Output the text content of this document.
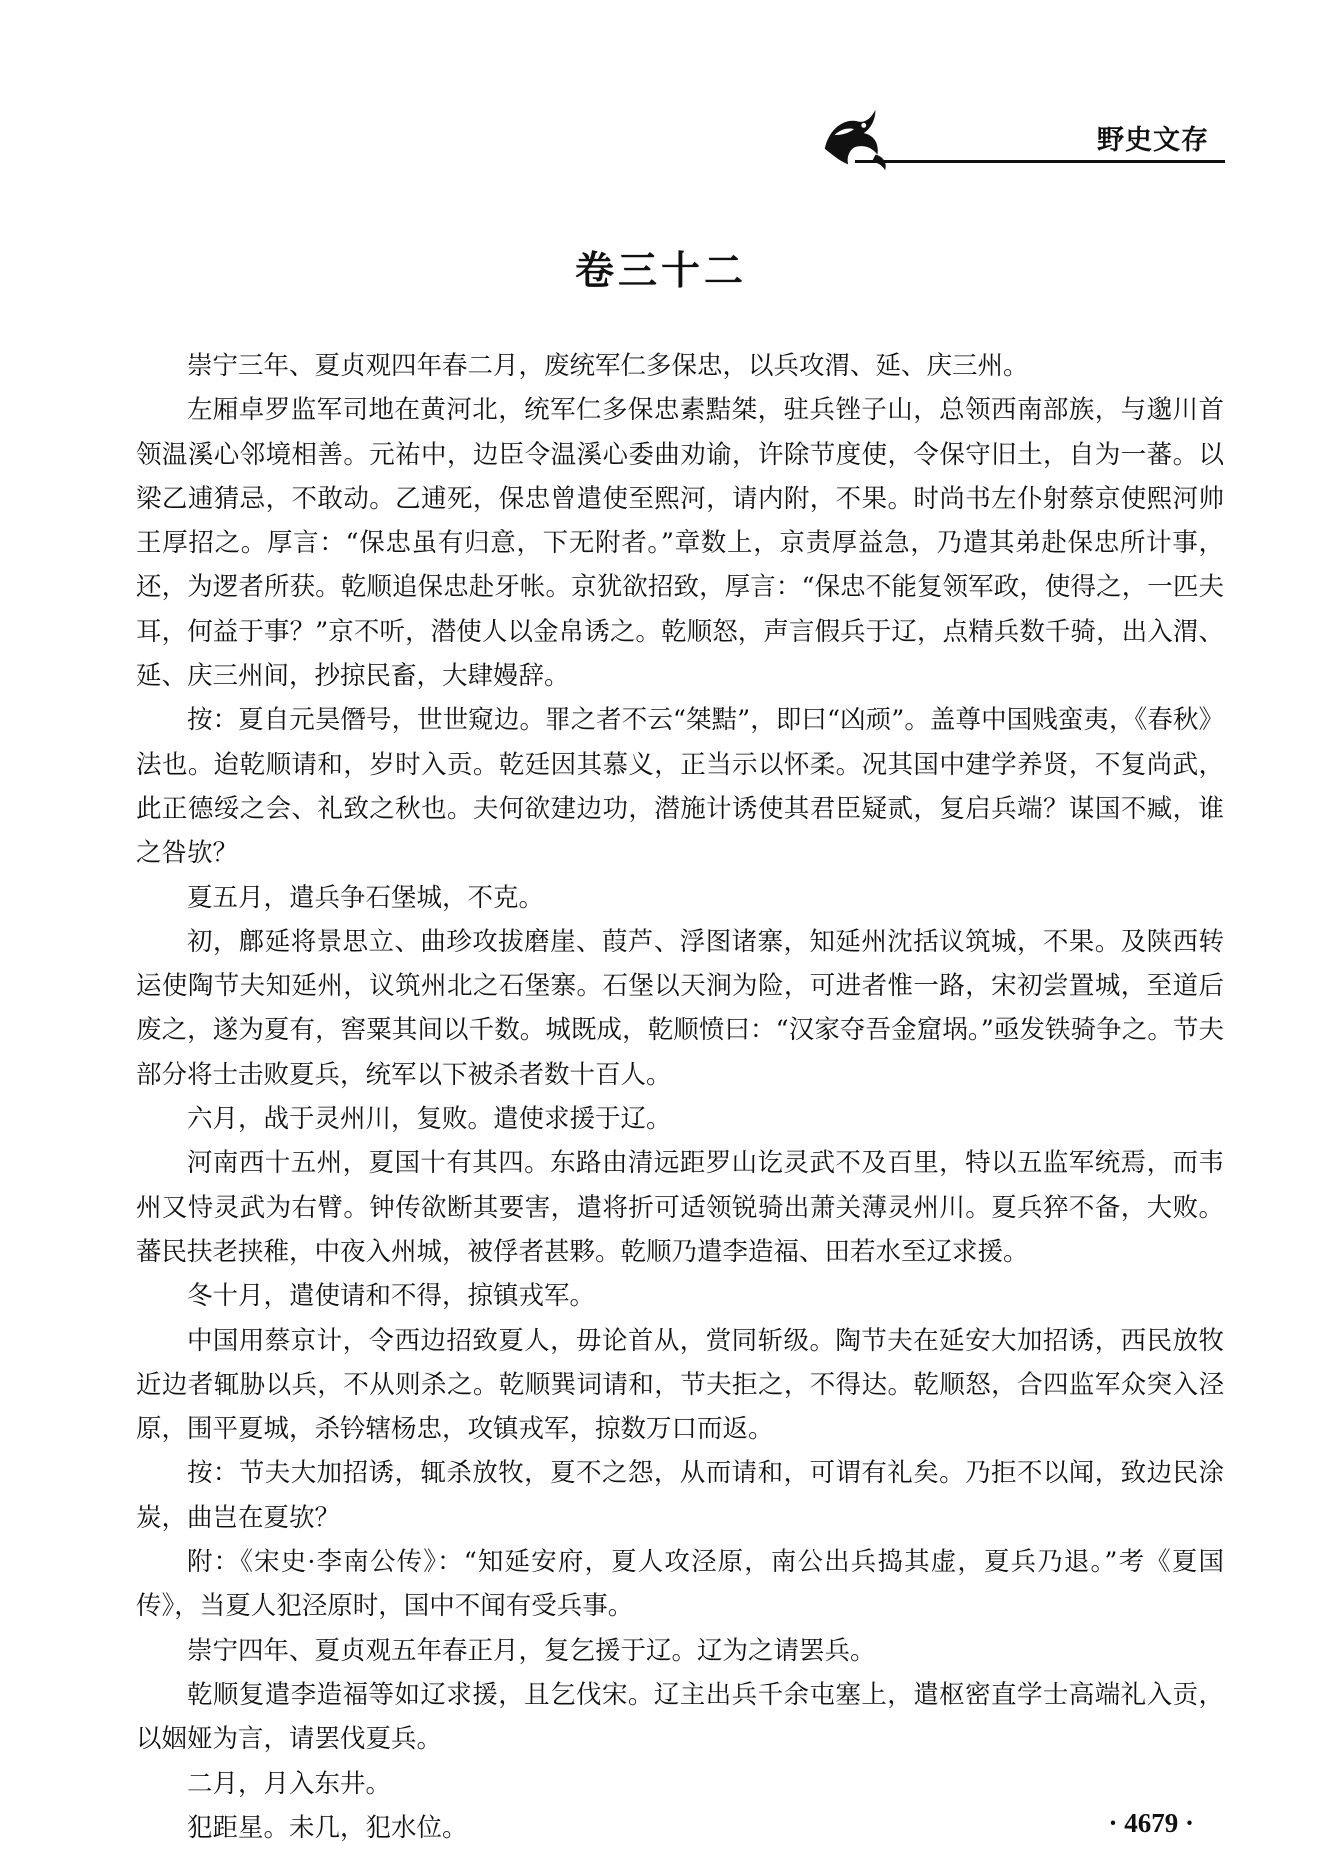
野史文存
卷三十二

崇宁三年、夏贞观四年春二月，废统军仁多保忠，以兵攻渭、延、庆三州。

左厢卓罗监军司地在黄河北，统军仁多保忠素黠桀，驻兵锉子山，总领西南部族，与邈川首领温溪心邻境相善。元祐中，边臣令温溪心委曲劝谕，许除节度使，令保守旧土，自为一蕃。以梁乙逋猜忌，不敢动。乙逋死，保忠曾遣使至熙河，请内附，不果。时尚书左仆射蔡京使熙河帅王厚招之。厚言：“保忠虽有归意，下无附者。”章数上，京责厚益急，乃遣其弟赴保忠所计事，还，为逻者所获。乾顺追保忠赴牙帐。京犹欲招致，厚言：“保忠不能复领军政，使得之，一匹夫耳，何益于事？”京不听，潜使人以金帛诱之。乾顺怒，声言假兵于辽，点精兵数千骑，出入渭、延、庆三州间，抄掠民畜，大肆嫚辞。

按：夏自元昊僭号，世世窥边。罪之者不云“桀黠”，即曰“凶顽”。盖尊中国贱蛮夷，《春秋》法也。迨乾顺请和，岁时入贡。乾廷因其慕义，正当示以怀柔。况其国中建学养贤，不复尚武，此正德绥之会、礼致之秋也。夫何欲建边功，潜施计诱使其君臣疑贰，复启兵端？谋国不臧，谁之咎欤？

夏五月，遣兵争石堡城，不克。

初，鄜延将景思立、曲珍攻拔磨崖、葭芦、浮图诸寨，知延州沈括议筑城，不果。及陕西转运使陶节夫知延州，议筑州北之石堡寨。石堡以天涧为险，可进者惟一路，宋初尝置城，至道后废之，遂为夏有，窖粟其间以千数。城既成，乾顺愤曰：“汉家夺吾金窟埚。”亟发铁骑争之。节夫部分将士击败夏兵，统军以下被杀者数十百人。

六月，战于灵州川，复败。遣使求援于辽。

河南西十五州，夏国十有其四。东路由清远距罗山讫灵武不及百里，特以五监军统焉，而韦州又恃灵武为右臂。钟传欲断其要害，遣将折可适领锐骑出萧关薄灵州川。夏兵猝不备，大败。蕃民扶老挟稚，中夜入州城，被俘者甚夥。乾顺乃遣李造福、田若水至辽求援。

冬十月，遣使请和不得，掠镇戎军。

中国用蔡京计，令西边招致夏人，毋论首从，赏同斩级。陶节夫在延安大加招诱，西民放牧近边者辄胁以兵，不从则杀之。乾顺巽词请和，节夫拒之，不得达。乾顺怒，合四监军众突入泾原，围平夏城，杀钤辖杨忠，攻镇戎军，掠数万口而返。

按：节夫大加招诱，辄杀放牧，夏不之怨，从而请和，可谓有礼矣。乃拒不以闻，致边民涂炭，曲岂在夏欤？

附：《宋史·李南公传》：“知延安府，夏人攻泾原，南公出兵捣其虚，夏兵乃退。”考《夏国传》，当夏人犯泾原时，国中不闻有受兵事。

崇宁四年、夏贞观五年春正月，复乞援于辽。辽为之请罢兵。

乾顺复遣李造福等如辽求援，且乞伐宋。辽主出兵千余屯塞上，遣枢密直学士高端礼入贡，以姻娅为言，请罢伐夏兵。

二月，月入东井。

犯距星。未几，犯水位。	· 4679 ·
